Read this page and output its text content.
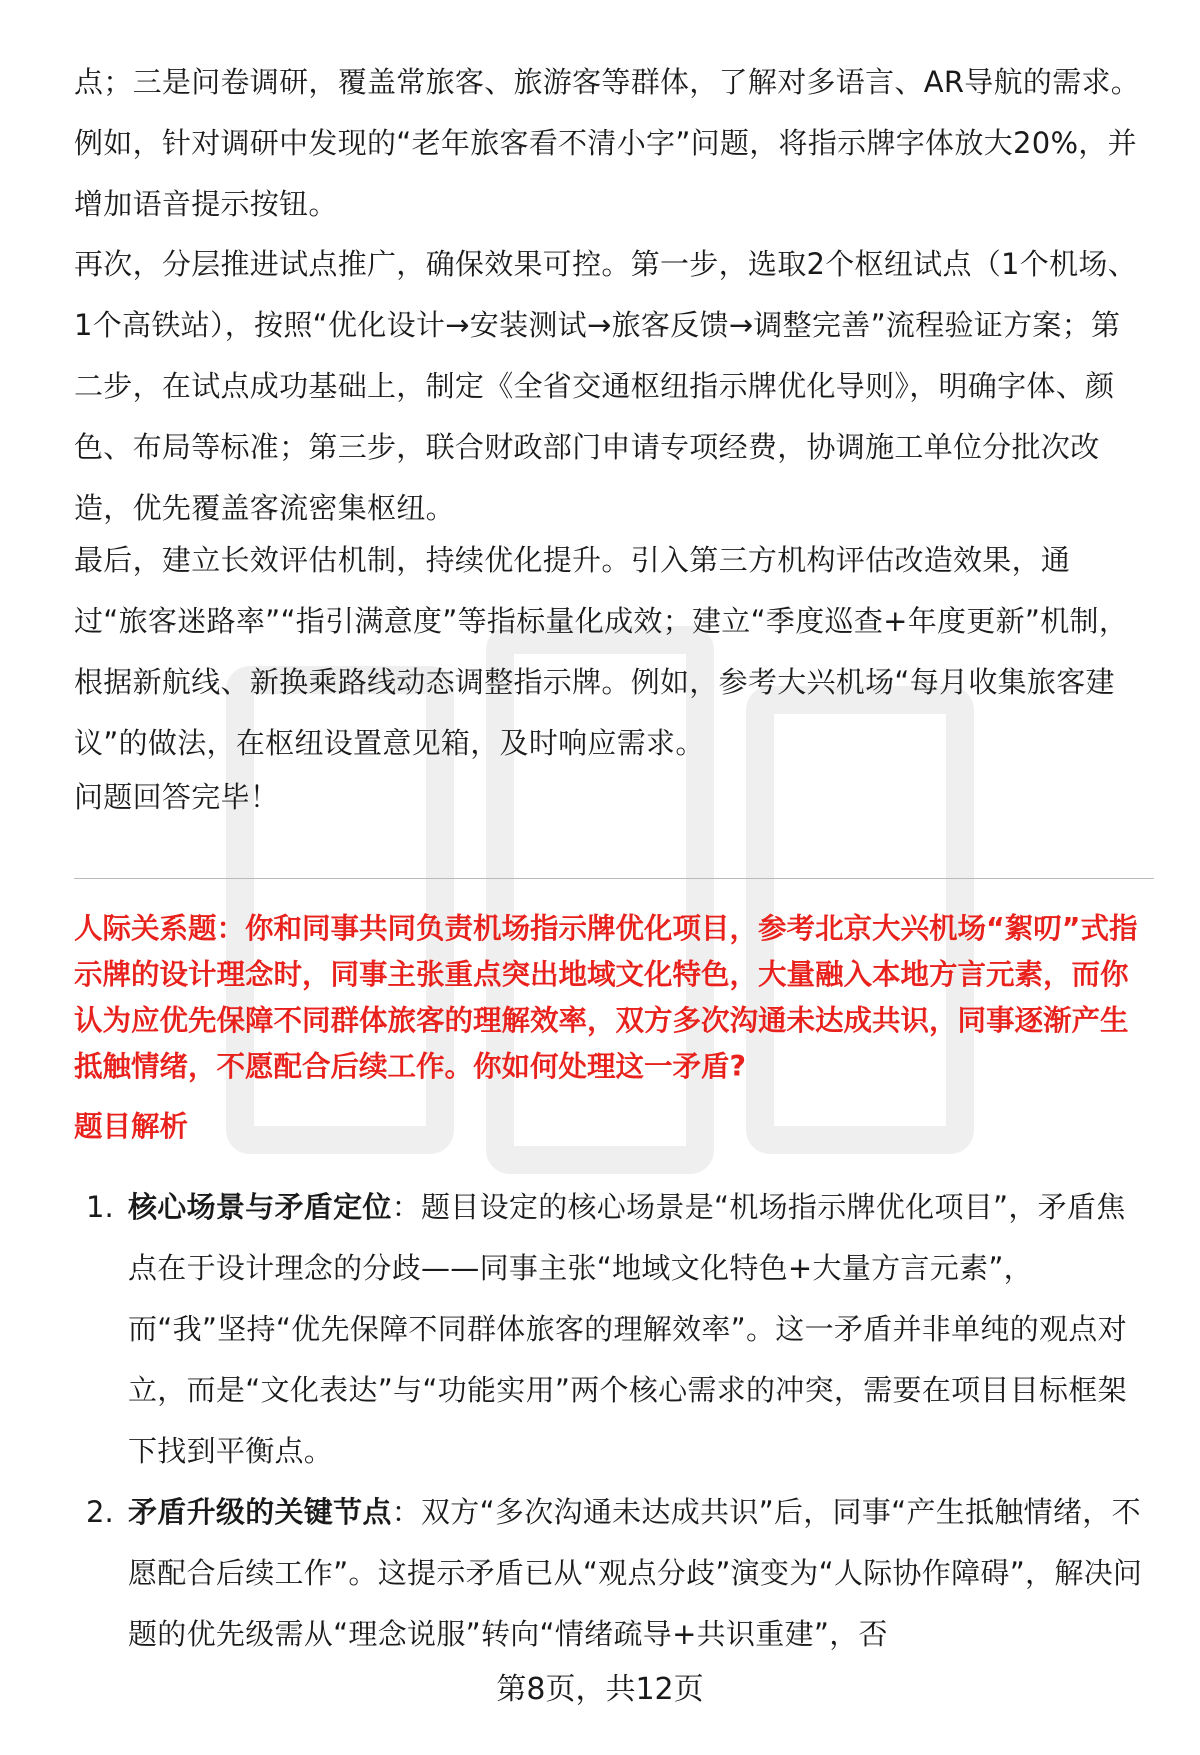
点；三是问卷调研，覆盖常旅客、旅游客等群体，了解对多语言、AR导航的需求。例如，针对调研中发现的“老年旅客看不清小字”问题，将指示牌字体放大20%，并增加语音提示按钮。

再次，分层推进试点推广，确保效果可控。第一步，选取2个枢纽试点（1个机场、1个高铁站），按照“优化设计→安装测试→旅客反馈→调整完善”流程验证方案；第二步，在试点成功基础上，制定《全省交通枢纽指示牌优化导则》，明确字体、颜色、布局等标准；第三步，联合财政部门申请专项经费，协调施工单位分批次改造，优先覆盖客流密集枢纽。

最后，建立长效评估机制，持续优化提升。引入第三方机构评估改造效果，通过“旅客迷路率”“指引满意度”等指标量化成效；建立“季度巡查+年度更新”机制，根据新航线、新换乘路线动态调整指示牌。例如，参考大兴机场“每月收集旅客建议”的做法，在枢纽设置意见箱，及时响应需求。

问题回答完毕！

人际关系题：你和同事共同负责机场指示牌优化项目，参考北京大兴机场“絮叨”式指示牌的设计理念时，同事主张重点突出地域文化特色，大量融入本地方言元素，而你认为应优先保障不同群体旅客的理解效率，双方多次沟通未达成共识，同事逐渐产生抵触情绪，不愿配合后续工作。你如何处理这一矛盾?

题目解析

1. 核心场景与矛盾定位：题目设定的核心场景是“机场指示牌优化项目”，矛盾焦点在于设计理念的分歧——同事主张“地域文化特色+大量方言元素”，而“我”坚持“优先保障不同群体旅客的理解效率”。这一矛盾并非单纯的观点对立，而是“文化表达”与“功能实用”两个核心需求的冲突，需要在项目目标框架下找到平衡点。

2. 矛盾升级的关键节点：双方“多次沟通未达成共识”后，同事“产生抵触情绪，不愿配合后续工作”。这提示矛盾已从“观点分歧”演变为“人际协作障碍”，解决问题的优先级需从“理念说服”转向“情绪疏导+共识重建”，否

第8页，共12页
